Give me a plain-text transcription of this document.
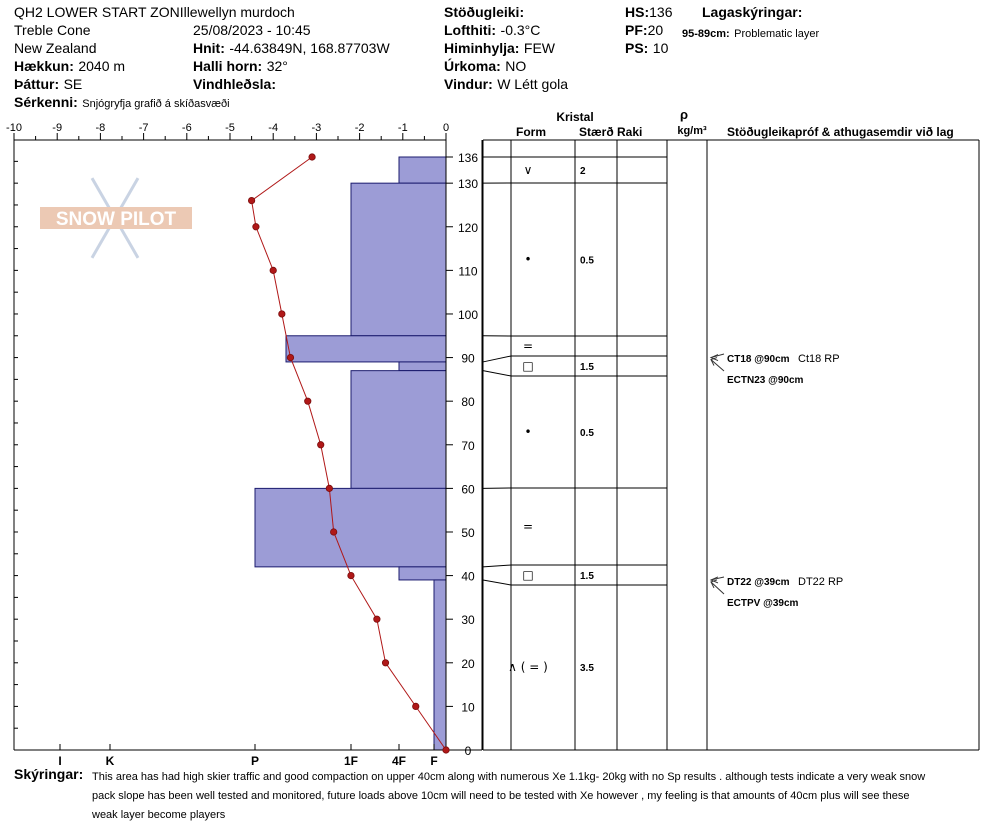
QH2 LOWER START ZONIllewellyn murdoch
Treble Cone
New Zealand
Hækkun: 2040 m
Þáttur: SE
Sérkenni: Snjógryfja grafið á skíðasvæði
25/08/2023 - 10:45
Hnit: -44.63849N, 168.87703W
Halli horn: 32°
Vindhleðsla:
Stöðugleiki:
Lofthiti: -0.3°C
Himinhylja: FEW
Úrkoma: NO
Vindur: W Létt gola
HS:136
PF:20
PS: 10
Lagaskýringar:
95-89cm: Problematic layer
SNOW PILOT
-10	-9	-8	-7	-6	-5	-4	-3	-2	-1	0
136
130
120
110
100
90
80
70
60
50
40
30
20
10
0
I	K	P	1F	4F F
Kristal
Form	Stærð Raki
ρ
kg/m³ Stöðugleikapróf & athugasemdir við lag
∨	2
•	0.5
=
□	1.5
•	0.5
=
□	1.5
∧ ( = )	3.5
CT18 @90cm Ct18 RP
ECTN23 @90cm
DT22 @39cm DT22 RP
ECTPV @39cm
Skýringar: This area has had high skier traffic and good compaction on upper 40cm along with numerous Xe 1.1kg- 20kg with no Sp results . although tests indicate a very weak snow
pack slope has been well tested and monitored, future loads above 10cm will need to be tested with Xe however , my feeling is that amounts of 40cm plus will see these
weak layer become players
